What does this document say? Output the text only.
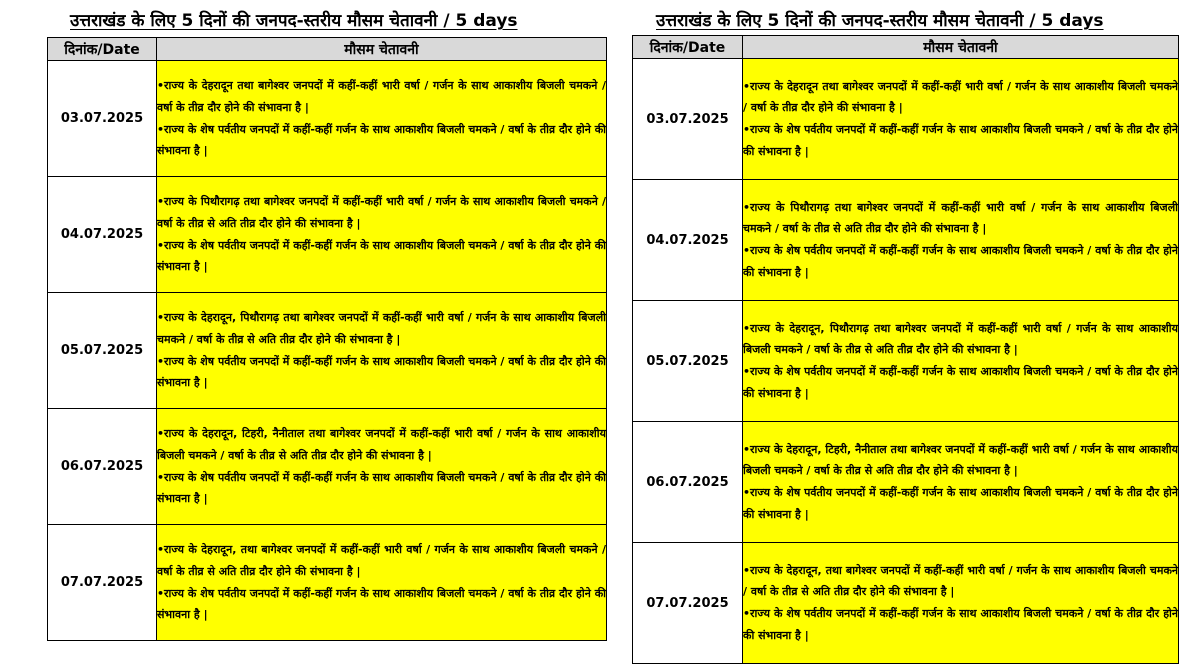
उत्तराखंड के लिए 5 दिनों की जनपद-स्तरीय मौसम चेतावनी / 5 days
दिनांक/Date	मौसम चेतावनी
03.07.2025	•राज्य के देहरादून तथा बागेश्वर जनपदों में कहीं-कहीं भारी वर्षा / गर्जन के साथ आकाशीय बिजली चमकने / वर्षा के तीव्र दौर होने की संभावना है |

•राज्य के शेष पर्वतीय जनपदों में कहीं-कहीं गर्जन के साथ आकाशीय बिजली चमकने / वर्षा के तीव्र दौर होने की संभावना है |

04.07.2025	•राज्य के पिथौरागढ़ तथा बागेश्वर जनपदों में कहीं-कहीं भारी वर्षा / गर्जन के साथ आकाशीय बिजली चमकने / वर्षा के तीव्र से अति तीव्र दौर होने की संभावना है |

•राज्य के शेष पर्वतीय जनपदों में कहीं-कहीं गर्जन के साथ आकाशीय बिजली चमकने / वर्षा के तीव्र दौर होने की संभावना है |

05.07.2025	•राज्य के देहरादून, पिथौरागढ़ तथा बागेश्वर जनपदों में कहीं-कहीं भारी वर्षा / गर्जन के साथ आकाशीय बिजली चमकने / वर्षा के तीव्र से अति तीव्र दौर होने की संभावना है |

•राज्य के शेष पर्वतीय जनपदों में कहीं-कहीं गर्जन के साथ आकाशीय बिजली चमकने / वर्षा के तीव्र दौर होने की संभावना है |

06.07.2025	•राज्य के देहरादून, टिहरी, नैनीताल तथा बागेश्वर जनपदों में कहीं-कहीं भारी वर्षा / गर्जन के साथ आकाशीय बिजली चमकने / वर्षा के तीव्र से अति तीव्र दौर होने की संभावना है |

•राज्य के शेष पर्वतीय जनपदों में कहीं-कहीं गर्जन के साथ आकाशीय बिजली चमकने / वर्षा के तीव्र दौर होने की संभावना है |

07.07.2025	•राज्य के देहरादून, तथा बागेश्वर जनपदों में कहीं-कहीं भारी वर्षा / गर्जन के साथ आकाशीय बिजली चमकने / वर्षा के तीव्र से अति तीव्र दौर होने की संभावना है |

•राज्य के शेष पर्वतीय जनपदों में कहीं-कहीं गर्जन के साथ आकाशीय बिजली चमकने / वर्षा के तीव्र दौर होने की संभावना है |

उत्तराखंड के लिए 5 दिनों की जनपद-स्तरीय मौसम चेतावनी / 5 days
दिनांक/Date	मौसम चेतावनी
03.07.2025	•राज्य के देहरादून तथा बागेश्वर जनपदों में कहीं-कहीं भारी वर्षा / गर्जन के साथ आकाशीय बिजली चमकने / वर्षा के तीव्र दौर होने की संभावना है |

•राज्य के शेष पर्वतीय जनपदों में कहीं-कहीं गर्जन के साथ आकाशीय बिजली चमकने / वर्षा के तीव्र दौर होने की संभावना है |

04.07.2025	•राज्य के पिथौरागढ़ तथा बागेश्वर जनपदों में कहीं-कहीं भारी वर्षा / गर्जन के साथ आकाशीय बिजली चमकने / वर्षा के तीव्र से अति तीव्र दौर होने की संभावना है |

•राज्य के शेष पर्वतीय जनपदों में कहीं-कहीं गर्जन के साथ आकाशीय बिजली चमकने / वर्षा के तीव्र दौर होने की संभावना है |

05.07.2025	•राज्य के देहरादून, पिथौरागढ़ तथा बागेश्वर जनपदों में कहीं-कहीं भारी वर्षा / गर्जन के साथ आकाशीय बिजली चमकने / वर्षा के तीव्र से अति तीव्र दौर होने की संभावना है |

•राज्य के शेष पर्वतीय जनपदों में कहीं-कहीं गर्जन के साथ आकाशीय बिजली चमकने / वर्षा के तीव्र दौर होने की संभावना है |

06.07.2025	•राज्य के देहरादून, टिहरी, नैनीताल तथा बागेश्वर जनपदों में कहीं-कहीं भारी वर्षा / गर्जन के साथ आकाशीय बिजली चमकने / वर्षा के तीव्र से अति तीव्र दौर होने की संभावना है |

•राज्य के शेष पर्वतीय जनपदों में कहीं-कहीं गर्जन के साथ आकाशीय बिजली चमकने / वर्षा के तीव्र दौर होने की संभावना है |

07.07.2025	•राज्य के देहरादून, तथा बागेश्वर जनपदों में कहीं-कहीं भारी वर्षा / गर्जन के साथ आकाशीय बिजली चमकने / वर्षा के तीव्र से अति तीव्र दौर होने की संभावना है |

•राज्य के शेष पर्वतीय जनपदों में कहीं-कहीं गर्जन के साथ आकाशीय बिजली चमकने / वर्षा के तीव्र दौर होने की संभावना है |
